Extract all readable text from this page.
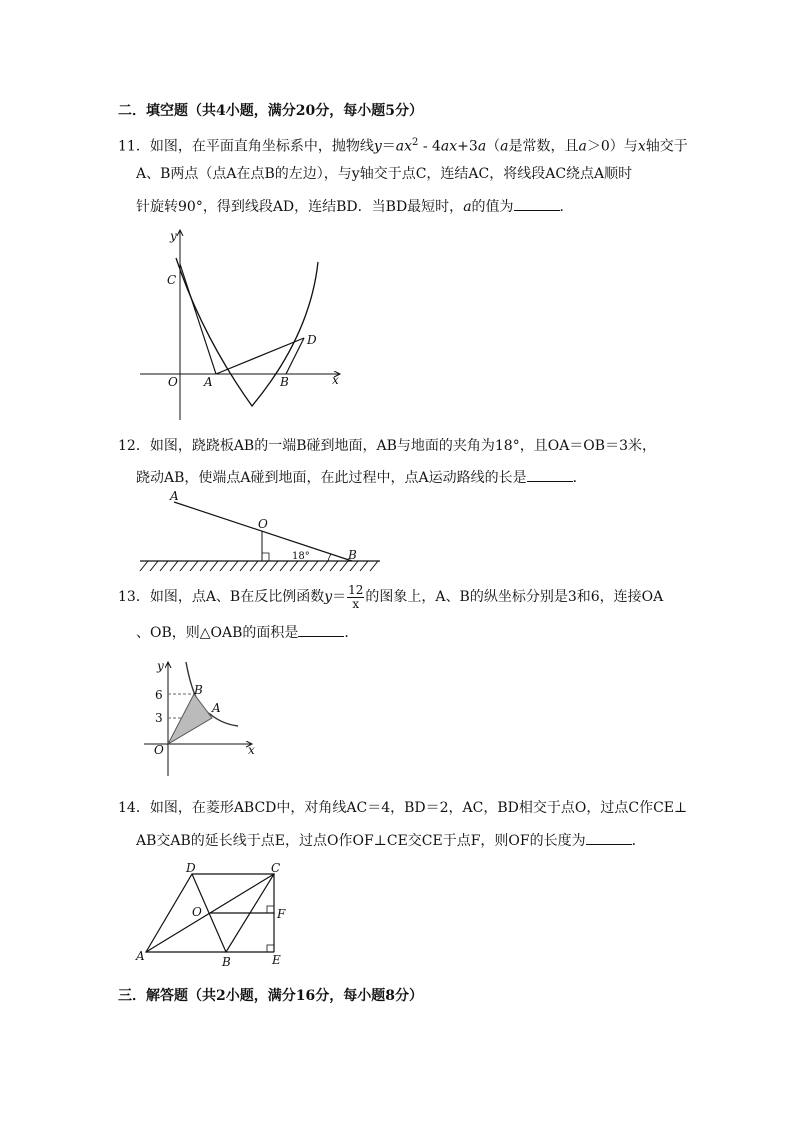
二．填空题（共4小题，满分20分，每小题5分）
11．如图，在平面直角坐标系中，抛物线$y=ax^2 - 4ax+3a(a$是常数，且a＞0）与x轴交于
A、B两点（点A在点B的左边），与y轴交于点C，连结AC，将线段AC绕点A顺时
针旋转90°，得到线段AD，连结BD．当BD最短时，a的值为	．
y
C
D
O A	B	x
12．如图，跷跷板AB的一端B碰到地面，AB与地面的夹角为18°，且OA＝OB＝3米，
跷动AB，使端点A碰到地面，在此过程中，点A运动路线的长是	．
A
O
18°	B
13．如图，点A、B在反比例函数$y= \frac{12}{x}$ 的图象上，A、B的纵坐标分别是3和6，连接OA
、OB，则△OAB的面积是	．
y
6
3
B
A
O	x
14．如图，在菱形ABCD中，对角线AC＝4，BD＝2，AC，BD相交于点O，过点C作CE⊥
AB交AB的延长线于点E，过点O作OF⊥CE交CE于点F，则OF的长度为	．
D	C
O	F
A	B	E
三．解答题（共2小题，满分16分，每小题8分）
